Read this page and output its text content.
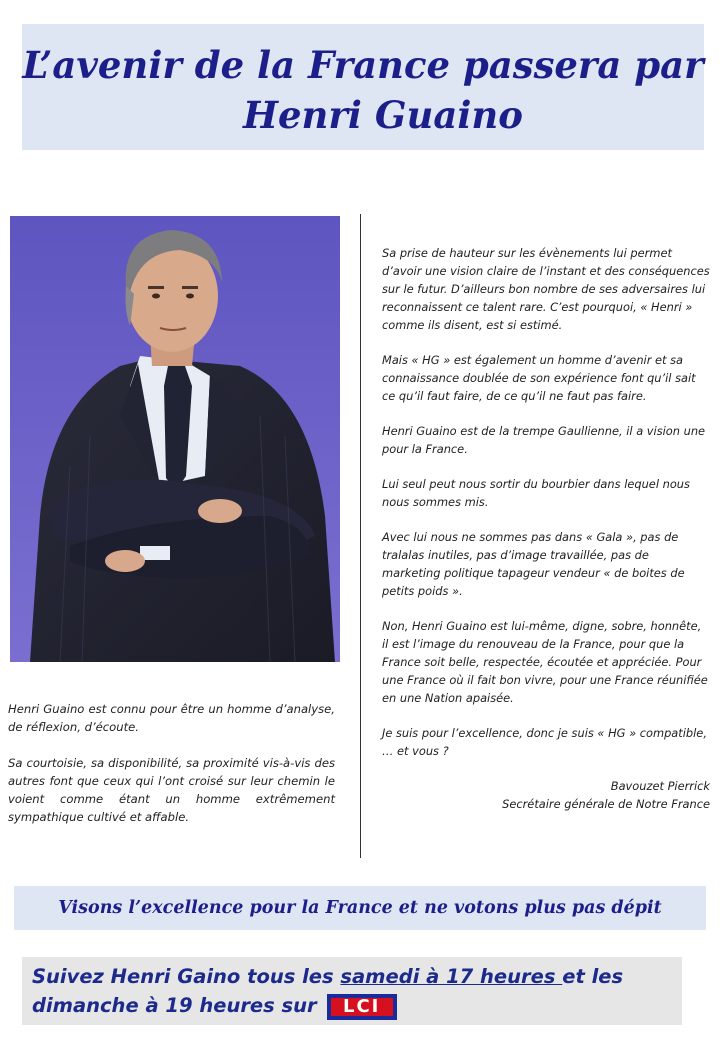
L’avenir de la France passera par
Henri Guaino

Henri Guaino est connu pour être un homme d’analyse, de réflexion, d’écoute.

Sa courtoisie, sa disponibilité, sa proximité vis-à-vis des autres font que ceux qui l’ont croisé sur leur chemin le voient comme étant un homme extrêmement sympathique cultivé et affable.

Sa prise de hauteur sur les évènements lui permet d’avoir une vision claire de l’instant et des conséquences sur le futur. D’ailleurs bon nombre de ses adversaires lui reconnaissent ce talent rare. C’est pourquoi, « Henri » comme ils disent, est si estimé.

Mais « HG » est également un homme d’avenir et sa connaissance doublée de son expérience font qu’il sait ce qu’il faut faire, de ce qu’il ne faut pas faire.

Henri Guaino est de la trempe Gaullienne, il a vision une pour la France.

Lui seul peut nous sortir du bourbier dans lequel nous nous sommes mis.

Avec lui nous ne sommes pas dans « Gala », pas de tralalas inutiles, pas d’image travaillée, pas de marketing politique tapageur vendeur « de boites de petits poids ».

Non, Henri Guaino est lui-même, digne, sobre, honnête, il est l’image du renouveau de la France, pour que la France soit belle, respectée, écoutée et appréciée. Pour une France où il fait bon vivre, pour une France réunifiée en une Nation apaisée.

Je suis pour l’excellence, donc je suis « HG » compatible, … et vous ?

Bavouzet Pierrick

Secrétaire générale de Notre France

Visons l’excellence pour la France et ne votons plus pas dépit
Suivez Henri Gaino tous les samedi à 17 heures et les dimanche à 19 heures sur	LCI
